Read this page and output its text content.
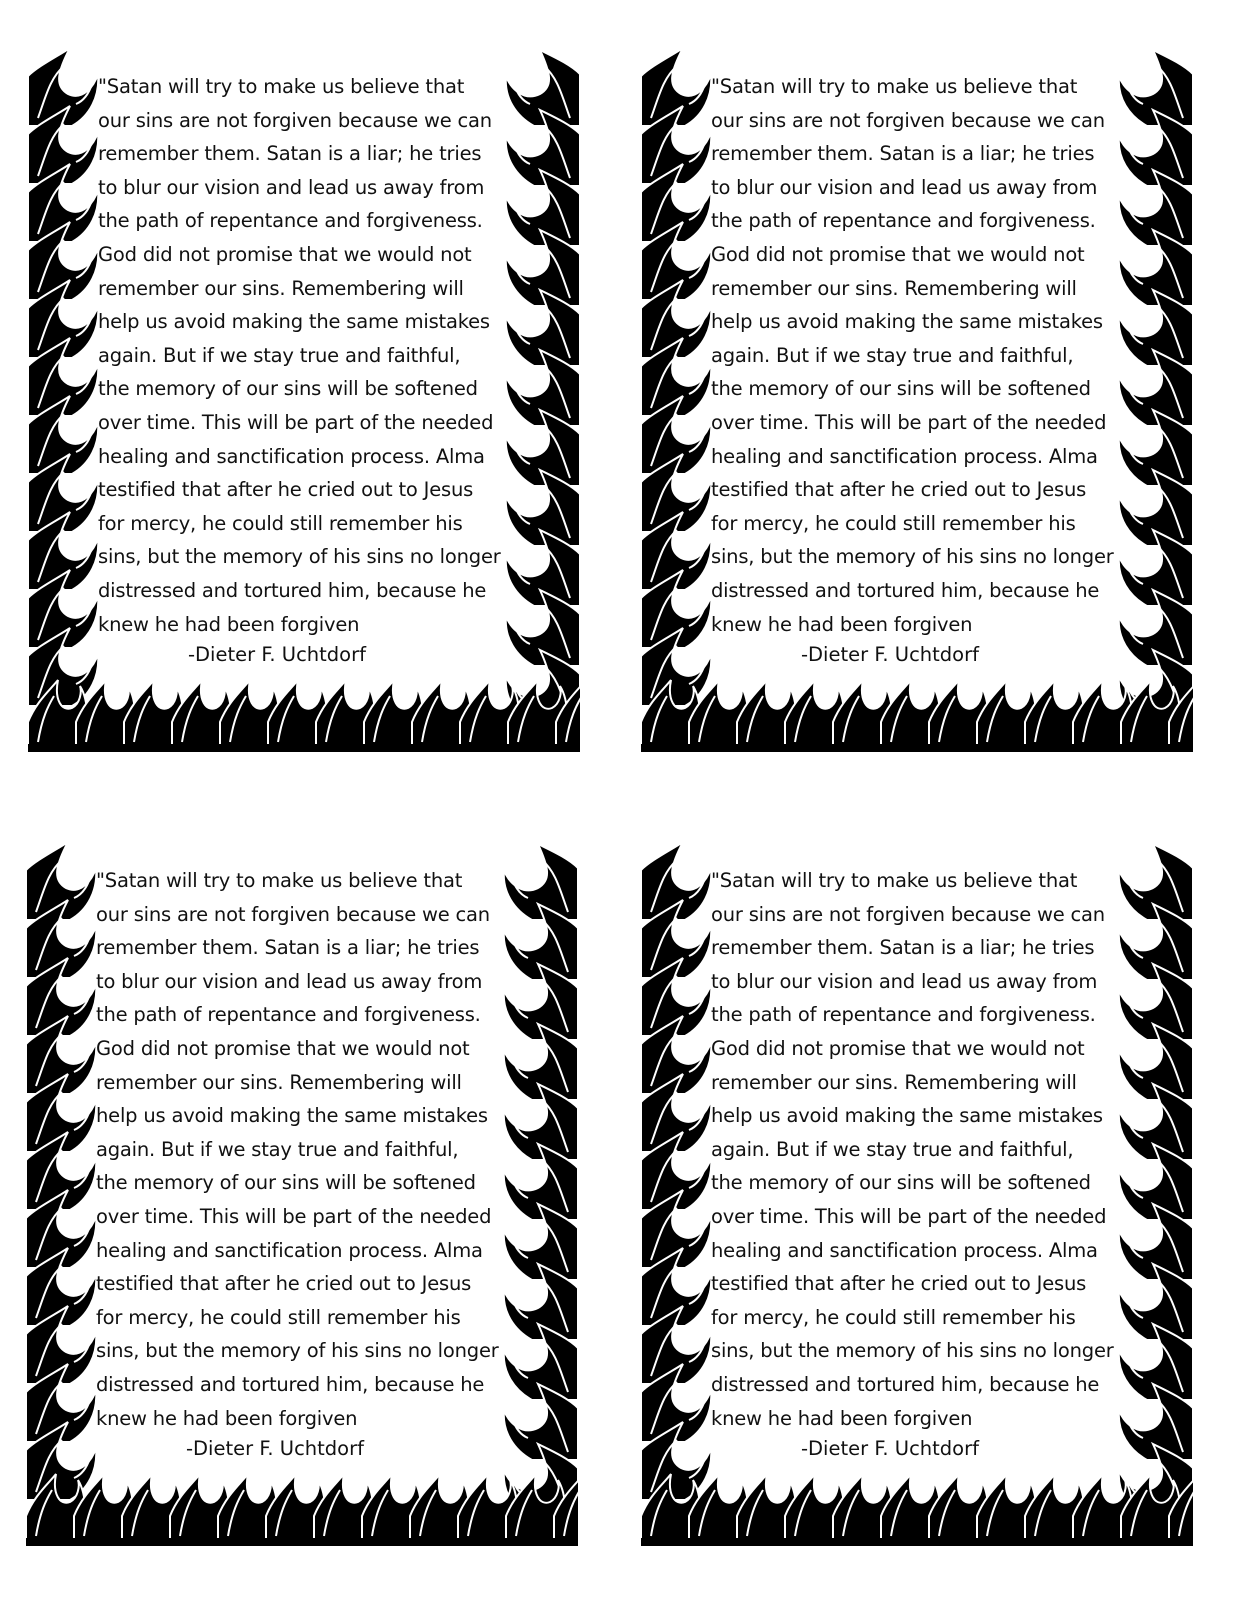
"Satan will try to make us believe that
our sins are not forgiven because we can
remember them. Satan is a liar; he tries
to blur our vision and lead us away from
the path of repentance and forgiveness.
God did not promise that we would not
remember our sins. Remembering will
help us avoid making the same mistakes
again. But if we stay true and faithful,
the memory of our sins will be softened
over time. This will be part of the needed
healing and sanctification process. Alma
testified that after he cried out to Jesus
for mercy, he could still remember his
sins, but the memory of his sins no longer
distressed and tortured him, because he
knew he had been forgiven
-Dieter F. Uchtdorf
"Satan will try to make us believe that
our sins are not forgiven because we can
remember them. Satan is a liar; he tries
to blur our vision and lead us away from
the path of repentance and forgiveness.
God did not promise that we would not
remember our sins. Remembering will
help us avoid making the same mistakes
again. But if we stay true and faithful,
the memory of our sins will be softened
over time. This will be part of the needed
healing and sanctification process. Alma
testified that after he cried out to Jesus
for mercy, he could still remember his
sins, but the memory of his sins no longer
distressed and tortured him, because he
knew he had been forgiven
-Dieter F. Uchtdorf
"Satan will try to make us believe that
our sins are not forgiven because we can
remember them. Satan is a liar; he tries
to blur our vision and lead us away from
the path of repentance and forgiveness.
God did not promise that we would not
remember our sins. Remembering will
help us avoid making the same mistakes
again. But if we stay true and faithful,
the memory of our sins will be softened
over time. This will be part of the needed
healing and sanctification process. Alma
testified that after he cried out to Jesus
for mercy, he could still remember his
sins, but the memory of his sins no longer
distressed and tortured him, because he
knew he had been forgiven
-Dieter F. Uchtdorf
"Satan will try to make us believe that
our sins are not forgiven because we can
remember them. Satan is a liar; he tries
to blur our vision and lead us away from
the path of repentance and forgiveness.
God did not promise that we would not
remember our sins. Remembering will
help us avoid making the same mistakes
again. But if we stay true and faithful,
the memory of our sins will be softened
over time. This will be part of the needed
healing and sanctification process. Alma
testified that after he cried out to Jesus
for mercy, he could still remember his
sins, but the memory of his sins no longer
distressed and tortured him, because he
knew he had been forgiven
-Dieter F. Uchtdorf
